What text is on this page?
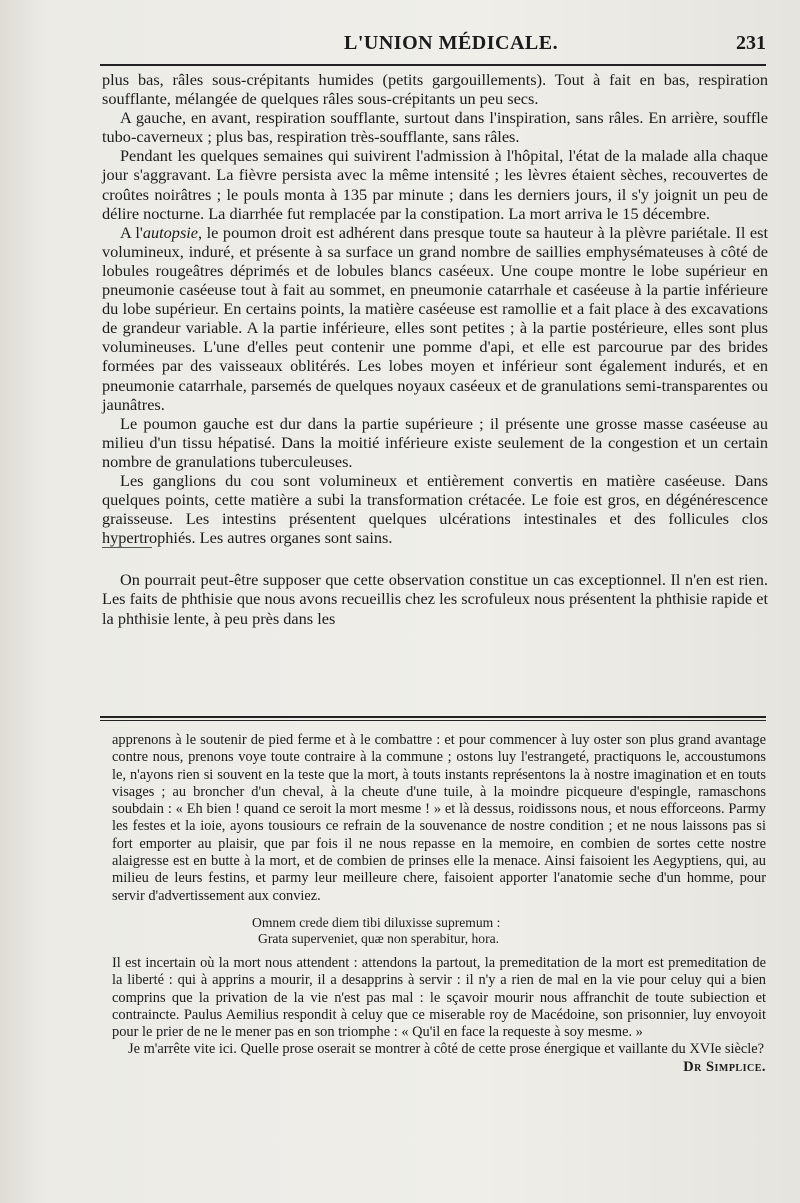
L'UNION MÉDICALE.	231

plus bas, râles sous-crépitants humides (petits gargouillements). Tout à fait en bas, respiration soufflante, mélangée de quelques râles sous-crépitants un peu secs.

A gauche, en avant, respiration soufflante, surtout dans l'inspiration, sans râles. En arrière, souffle tubo-caverneux ; plus bas, respiration très-soufflante, sans râles.

Pendant les quelques semaines qui suivirent l'admission à l'hôpital, l'état de la malade alla chaque jour s'aggravant. La fièvre persista avec la même intensité ; les lèvres étaient sèches, recouvertes de croûtes noirâtres ; le pouls monta à 135 par minute ; dans les derniers jours, il s'y joignit un peu de délire nocturne. La diarrhée fut remplacée par la constipation. La mort arriva le 15 décembre.

A l'autopsie, le poumon droit est adhérent dans presque toute sa hauteur à la plèvre pariétale. Il est volumineux, induré, et présente à sa surface un grand nombre de saillies emphysémateuses à côté de lobules rougeâtres déprimés et de lobules blancs caséeux. Une coupe montre le lobe supérieur en pneumonie caséeuse tout à fait au sommet, en pneumonie catarrhale et caséeuse à la partie inférieure du lobe supérieur. En certains points, la matière caséeuse est ramollie et a fait place à des excavations de grandeur variable. A la partie inférieure, elles sont petites ; à la partie postérieure, elles sont plus volumineuses. L'une d'elles peut contenir une pomme d'api, et elle est parcourue par des brides formées par des vaisseaux oblitérés. Les lobes moyen et inférieur sont également indurés, et en pneumonie catarrhale, parsemés de quelques noyaux caséeux et de granulations semi-transparentes ou jaunâtres.

Le poumon gauche est dur dans la partie supérieure ; il présente une grosse masse caséeuse au milieu d'un tissu hépatisé. Dans la moitié inférieure existe seulement de la congestion et un certain nombre de granulations tuberculeuses.

Les ganglions du cou sont volumineux et entièrement convertis en matière caséeuse. Dans quelques points, cette matière a subi la transformation crétacée. Le foie est gros, en dégénérescence graisseuse. Les intestins présentent quelques ulcérations intestinales et des follicules clos hypertrophiés. Les autres organes sont sains.

On pourrait peut-être supposer que cette observation constitue un cas exceptionnel. Il n'en est rien. Les faits de phthisie que nous avons recueillis chez les scrofuleux nous présentent la phthisie rapide et la phthisie lente, à peu près dans les

apprenons à le soutenir de pied ferme et à le combattre : et pour commencer à luy oster son plus grand avantage contre nous, prenons voye toute contraire à la commune ; ostons luy l'estrangeté, practiquons le, accoustumons le, n'ayons rien si souvent en la teste que la mort, à touts instants représentons la à nostre imagination et en touts visages ; au broncher d'un cheval, à la cheute d'une tuile, à la moindre picqueure d'espingle, ramaschons soubdain : « Eh bien ! quand ce seroit la mort mesme ! » et là dessus, roidissons nous, et nous efforceons. Parmy les festes et la ioie, ayons tousiours ce refrain de la souvenance de nostre condition ; et ne nous laissons pas si fort emporter au plaisir, que par fois il ne nous repasse en la memoire, en combien de sortes cette nostre alaigresse est en butte à la mort, et de combien de prinses elle la menace. Ainsi faisoient les Aegyptiens, qui, au milieu de leurs festins, et parmy leur meilleure chere, faisoient apporter l'anatomie seche d'un homme, pour servir d'advertissement aux conviez.

Omnem crede diem tibi diluxisse supremum :
Grata superveniet, quæ non sperabitur, hora.

Il est incertain où la mort nous attendent : attendons la partout, la premeditation de la mort est premeditation de la liberté : qui à apprins a mourir, il a desapprins à servir : il n'y a rien de mal en la vie pour celuy qui a bien comprins que la privation de la vie n'est pas mal : le sçavoir mourir nous affranchit de toute subiection et contraincte. Paulus Aemilius respondit à celuy que ce miserable roy de Macédoine, son prisonnier, luy envoyoit pour le prier de ne le mener pas en son triomphe : « Qu'il en face la requeste à soy mesme. »

Je m'arrête vite ici. Quelle prose oserait se montrer à côté de cette prose énergique et vaillante du XVIe siècle?
Dr Simplice.
